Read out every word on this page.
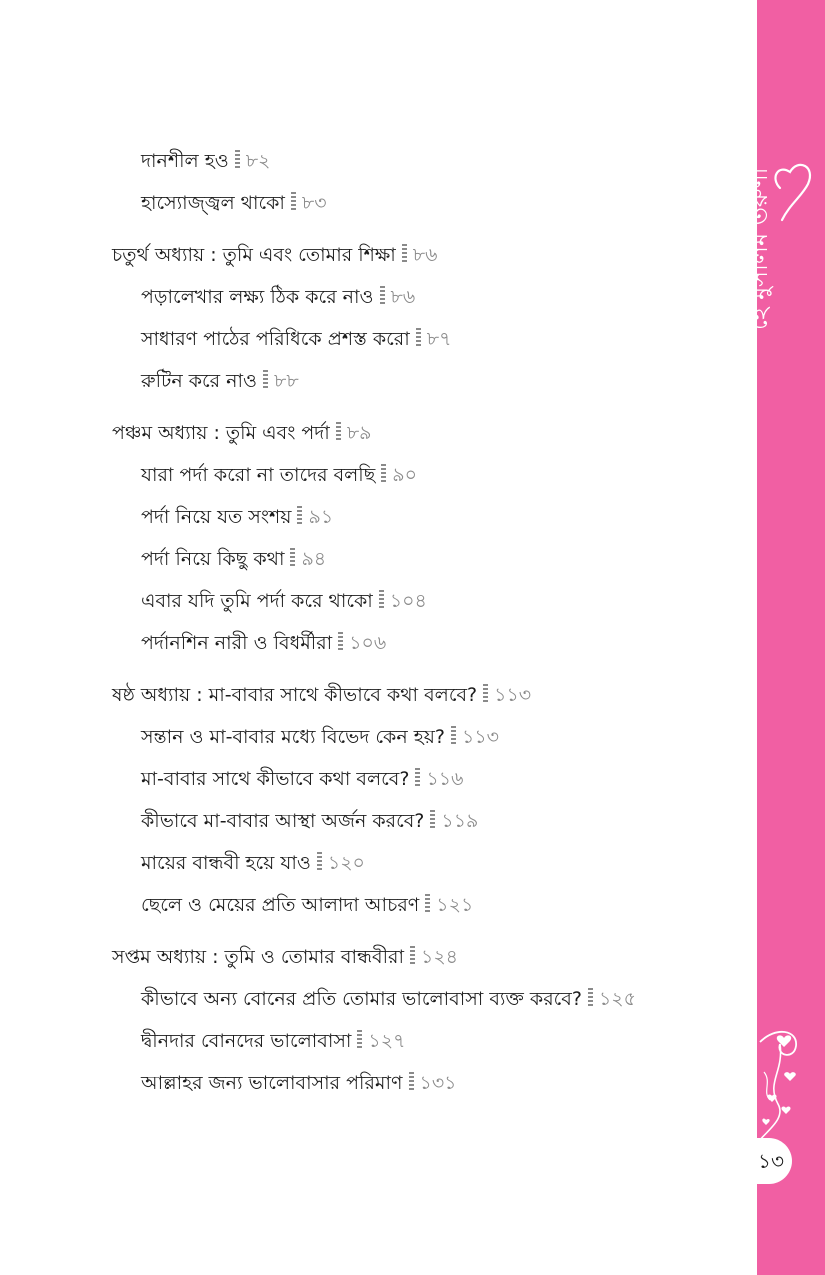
দানশীল হও ৮২
হাস্যোজ্জ্বল থাকো ৮৩
চতুর্থ অধ্যায় : তুমি এবং তোমার শিক্ষা ৮৬
পড়ালেখার লক্ষ্য ঠিক করে নাও ৮৬
সাধারণ পাঠের পরিধিকে প্রশস্ত করো ৮৭
রুটিন করে নাও ৮৮
পঞ্চম অধ্যায় : তুমি এবং পর্দা ৮৯
যারা পর্দা করো না তাদের বলছি ৯০
পর্দা নিয়ে যত সংশয় ৯১
পর্দা নিয়ে কিছু কথা ৯৪
এবার যদি তুমি পর্দা করে থাকো ১০৪
পর্দানশিন নারী ও বিধর্মীরা ১০৬
ষষ্ঠ অধ্যায় : মা-বাবার সাথে কীভাবে কথা বলবে? ১১৩
সন্তান ও মা-বাবার মধ্যে বিভেদ কেন হয়? ১১৩
মা-বাবার সাথে কীভাবে কথা বলবে? ১১৬
কীভাবে মা-বাবার আস্থা অর্জন করবে? ১১৯
মায়ের বান্ধবী হয়ে যাও ১২০
ছেলে ও মেয়ের প্রতি আলাদা আচরণ ১২১
সপ্তম অধ্যায় : তুমি ও তোমার বান্ধবীরা ১২৪
কীভাবে অন্য বোনের প্রতি তোমার ভালোবাসা ব্যক্ত করবে? ১২৫
দ্বীনদার বোনদের ভালোবাসা ১২৭
আল্লাহর জন্য ভালোবাসার পরিমাণ ১৩১
হে মুসলিম তরুণী
১৩
